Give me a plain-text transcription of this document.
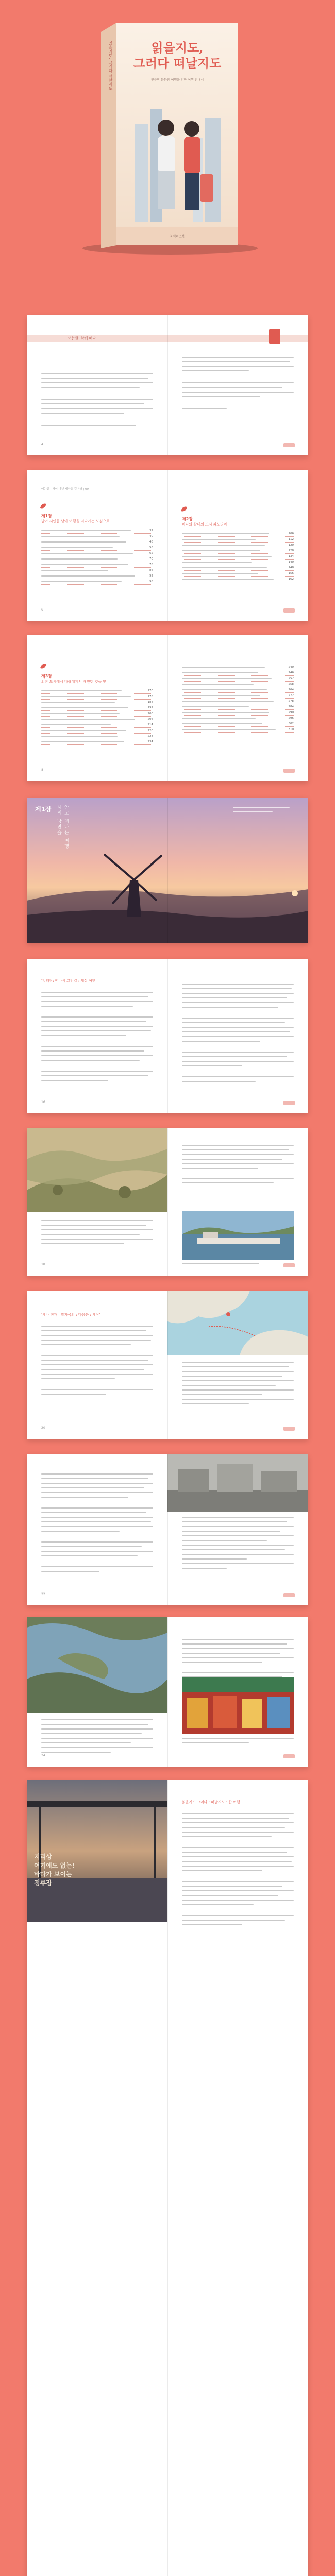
읽을지도,
그러다 떠날지도
인문학 문화탐 여행을 위한 여행 안내서
북캠퍼스북
읽을지도, 그러다 떠날지도
여는글: 함께 떠나
4
여는글 | 책이 아닌 세상을 걸어라 | 09
제1장
남아 시인들 남아 여행을 떠나가는 도심으로
32
40
48
56
62
70
78
86
92
98
6
제2장
바다와 갈대의 도시 파노라마
106
112
120
128
134
140
148
156
162
제3장
외딴 도시에서 바람에게서 배웠던 것들 몇
170
178
184
192
200
206
214
220
228
234
8
240
246
252
258
264
272
278
284
290
296
302
310
제1장 시의 낭만을 안고 떠나는 여행
'첫째장: 떠나서 그러길 : 세상 여행'
16
18
'세나 현재 : 발자국의 : 마음은 : 세상'
20
22
24
지리상
여기에도 없는!
바다가 보이는
정류장
읽을지도 그러다 : 떠날지도 : 한 여행
